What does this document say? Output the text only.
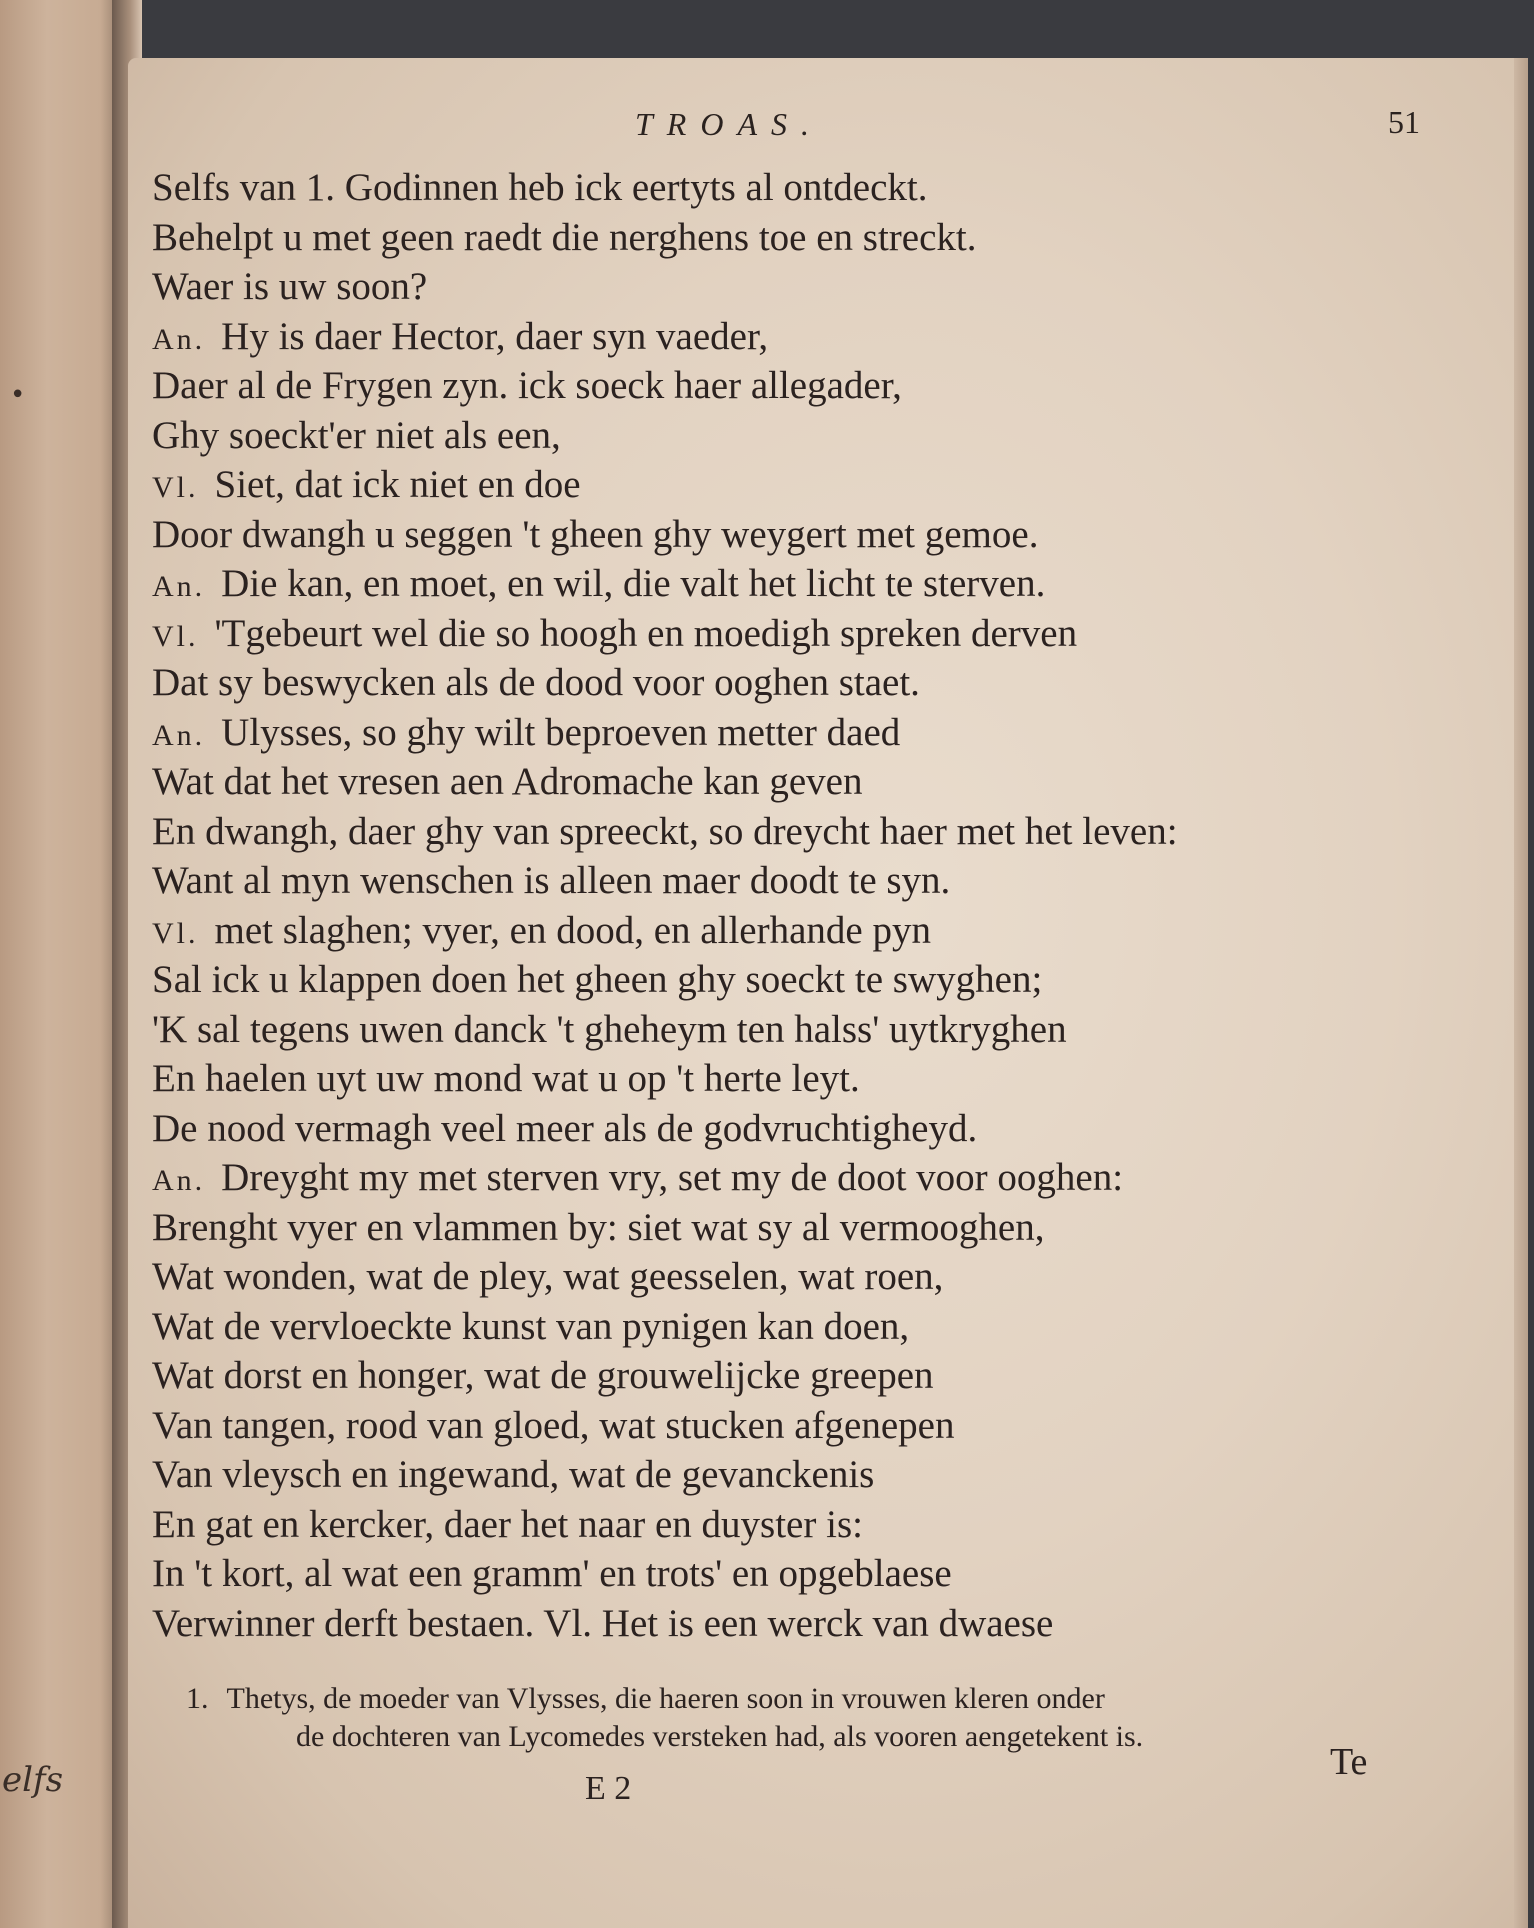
elfs
•
TROAS.	51
Selfs van 1. Godinnen heb ick eertyts al ontdeckt.
Behelpt u met geen raedt die nerghens toe en streckt.
Waer is uw soon?
An. Hy is daer Hector, daer syn vaeder,
Daer al de Frygen zyn. ick soeck haer allegader,
Ghy soeckt'er niet als een,
Vl. Siet, dat ick niet en doe
Door dwangh u seggen 't gheen ghy weygert met gemoe.
An. Die kan, en moet, en wil, die valt het licht te sterven.
Vl. 'Tgebeurt wel die so hoogh en moedigh spreken derven
Dat sy beswycken als de dood voor ooghen staet.
An. Ulysses, so ghy wilt beproeven metter daed
Wat dat het vresen aen Adromache kan geven
En dwangh, daer ghy van spreeckt, so dreycht haer met het leven:
Want al myn wenschen is alleen maer doodt te syn.
Vl. met slaghen; vyer, en dood, en allerhande pyn
Sal ick u klappen doen het gheen ghy soeckt te swyghen;
'K sal tegens uwen danck 't gheheym ten halss' uytkryghen
En haelen uyt uw mond wat u op 't herte leyt.
De nood vermagh veel meer als de godvruchtigheyd.
An. Dreyght my met sterven vry, set my de doot voor ooghen:
Brenght vyer en vlammen by: siet wat sy al vermooghen,
Wat wonden, wat de pley, wat geesselen, wat roen,
Wat de vervloeckte kunst van pynigen kan doen,
Wat dorst en honger, wat de grouwelijcke greepen
Van tangen, rood van gloed, wat stucken afgenepen
Van vleysch en ingewand, wat de gevanckenis
En gat en kercker, daer het naar en duyster is:
In 't kort, al wat een gramm' en trots' en opgeblaese
Verwinner derft bestaen. Vl. Het is een werck van dwaese
1. Thetys, de moeder van Vlysses, die haeren soon in vrouwen kleren onder
de dochteren van Lycomedes versteken had, als vooren aengetekent is.
E 2
Te
